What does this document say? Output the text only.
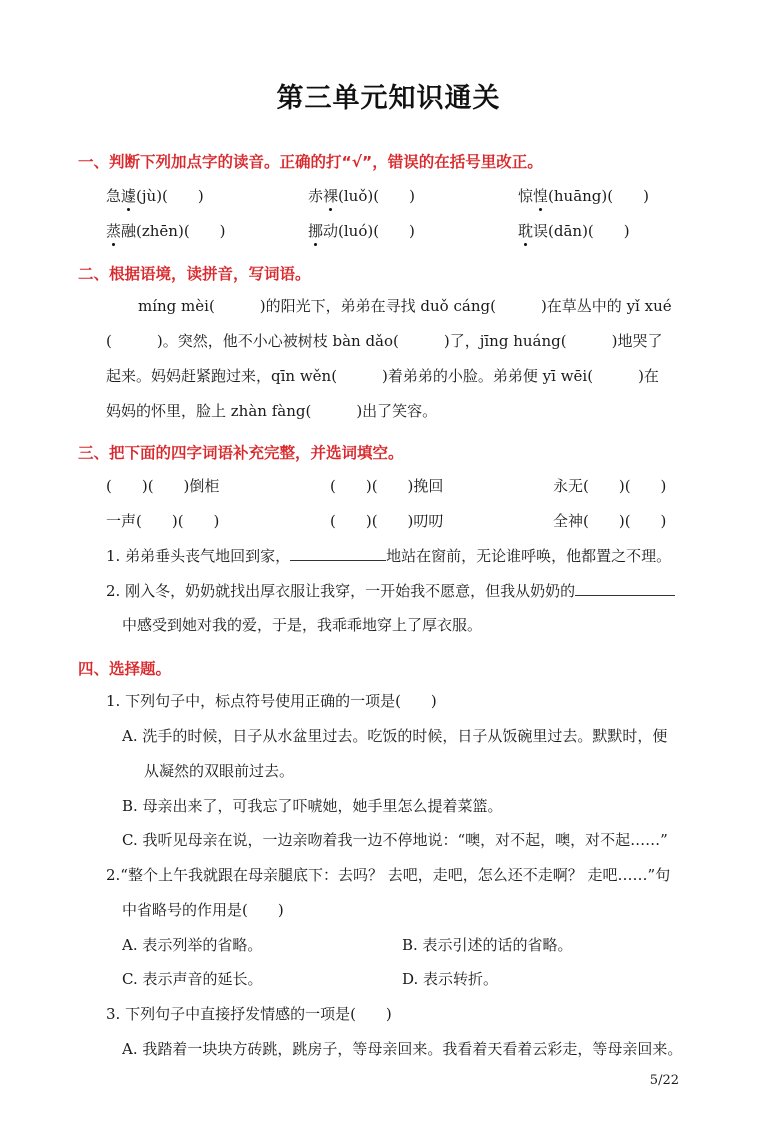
第三单元知识通关
一、判断下列加点字的读音。正确的打“√”，错误的在括号里改正。
急遽(jù)(　　)	赤裸(luǒ)(　　)	惊惶(huāng)(　　)
蒸融(zhēn)(　　)	挪动(luó)(　　)	耽误(dān)(　　)
二、根据语境，读拼音，写词语。
míng mèi(　　　)的阳光下，弟弟在寻找 duǒ cáng(　　　)在草丛中的 yǐ xué
(　　　)。突然，他不小心被树枝 bàn dǎo(　　　)了，jīng huáng(　　　)地哭了
起来。妈妈赶紧跑过来，qīn wěn(　　　)着弟弟的小脸。弟弟便 yī wēi(　　　)在
妈妈的怀里，脸上 zhàn fàng(　　　)出了笑容。
三、把下面的四字词语补充完整，并选词填空。
(　　)(　　)倒柜	(　　)(　　)挽回	永无(　　)(　　)
一声(　　)(　　)	(　　)(　　)叨叨	全神(　　)(　　)
1. 弟弟垂头丧气地回到家，	地站在窗前，无论谁呼唤，他都置之不理。
2. 刚入冬，奶奶就找出厚衣服让我穿，一开始我不愿意，但我从奶奶的
中感受到她对我的爱，于是，我乖乖地穿上了厚衣服。
四、选择题。
1. 下列句子中，标点符号使用正确的一项是(　　)
A. 洗手的时候，日子从水盆里过去。吃饭的时候，日子从饭碗里过去。默默时，便
从凝然的双眼前过去。
B. 母亲出来了，可我忘了吓唬她，她手里怎么提着菜篮。
C. 我听见母亲在说，一边亲吻着我一边不停地说：“噢，对不起，噢，对不起……”
2.“整个上午我就跟在母亲腿底下：去吗？ 去吧，走吧，怎么还不走啊？ 走吧……”句
中省略号的作用是(　　)
A. 表示列举的省略。	B. 表示引述的话的省略。
C. 表示声音的延长。	D. 表示转折。
3. 下列句子中直接抒发情感的一项是(　　)
A. 我踏着一块块方砖跳，跳房子，等母亲回来。我看着天看着云彩走，等母亲回来。
5/22
